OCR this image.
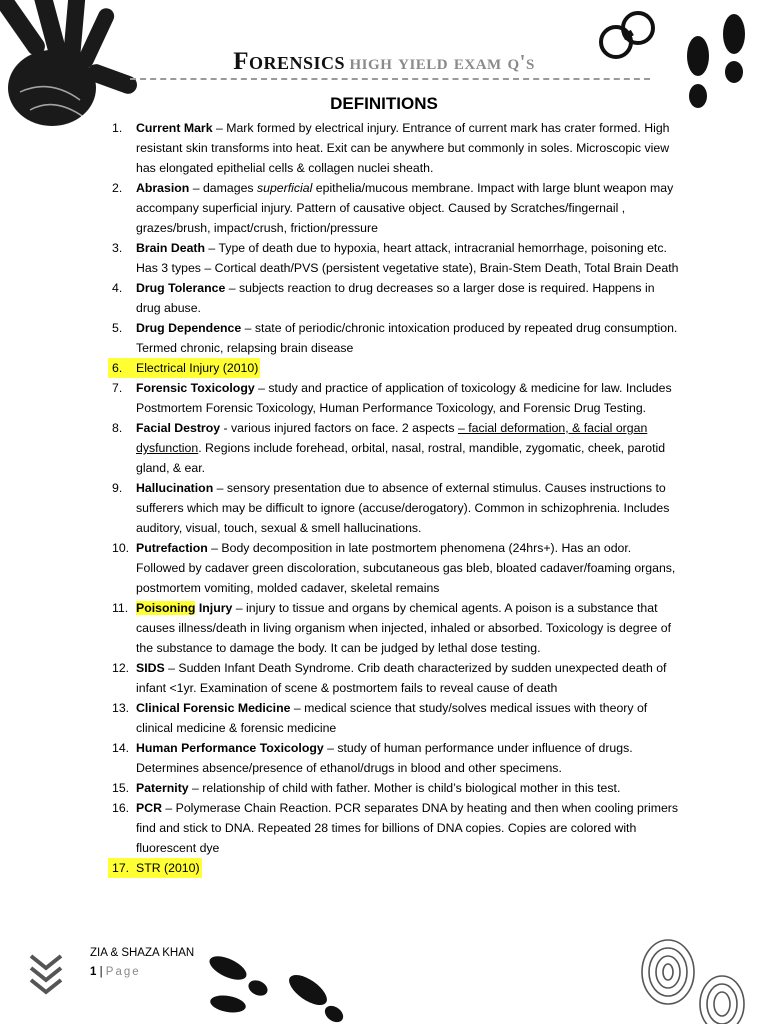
Forensics high yield exam q's
DEFINITIONS
1. Current Mark – Mark formed by electrical injury. Entrance of current mark has crater formed. High resistant skin transforms into heat. Exit can be anywhere but commonly in soles. Microscopic view has elongated epithelial cells & collagen nuclei sheath.
2. Abrasion – damages superficial epithelia/mucous membrane. Impact with large blunt weapon may accompany superficial injury. Pattern of causative object. Caused by Scratches/fingernail , grazes/brush, impact/crush, friction/pressure
3. Brain Death – Type of death due to hypoxia, heart attack, intracranial hemorrhage, poisoning etc. Has 3 types – Cortical death/PVS (persistent vegetative state), Brain-Stem Death, Total Brain Death
4. Drug Tolerance – subjects reaction to drug decreases so a larger dose is required. Happens in drug abuse.
5. Drug Dependence – state of periodic/chronic intoxication produced by repeated drug consumption. Termed chronic, relapsing brain disease
6. Electrical Injury (2010)
7. Forensic Toxicology – study and practice of application of toxicology & medicine for law. Includes Postmortem Forensic Toxicology, Human Performance Toxicology, and Forensic Drug Testing.
8. Facial Destroy - various injured factors on face. 2 aspects – facial deformation, & facial organ dysfunction. Regions include forehead, orbital, nasal, rostral, mandible, zygomatic, cheek, parotid gland, & ear.
9. Hallucination – sensory presentation due to absence of external stimulus. Causes instructions to sufferers which may be difficult to ignore (accuse/derogatory). Common in schizophrenia. Includes auditory, visual, touch, sexual & smell hallucinations.
10. Putrefaction – Body decomposition in late postmortem phenomena (24hrs+). Has an odor. Followed by cadaver green discoloration, subcutaneous gas bleb, bloated cadaver/foaming organs, postmortem vomiting, molded cadaver, skeletal remains
11. Poisoning Injury – injury to tissue and organs by chemical agents. A poison is a substance that causes illness/death in living organism when injected, inhaled or absorbed. Toxicology is degree of the substance to damage the body. It can be judged by lethal dose testing.
12. SIDS – Sudden Infant Death Syndrome. Crib death characterized by sudden unexpected death of infant <1yr. Examination of scene & postmortem fails to reveal cause of death
13. Clinical Forensic Medicine – medical science that study/solves medical issues with theory of clinical medicine & forensic medicine
14. Human Performance Toxicology – study of human performance under influence of drugs. Determines absence/presence of ethanol/drugs in blood and other specimens.
15. Paternity – relationship of child with father. Mother is child’s biological mother in this test.
16. PCR – Polymerase Chain Reaction. PCR separates DNA by heating and then when cooling primers find and stick to DNA. Repeated 28 times for billions of DNA copies. Copies are colored with fluorescent dye
17. STR (2010)
ZIA & SHAZA KHAN
1 | Page
